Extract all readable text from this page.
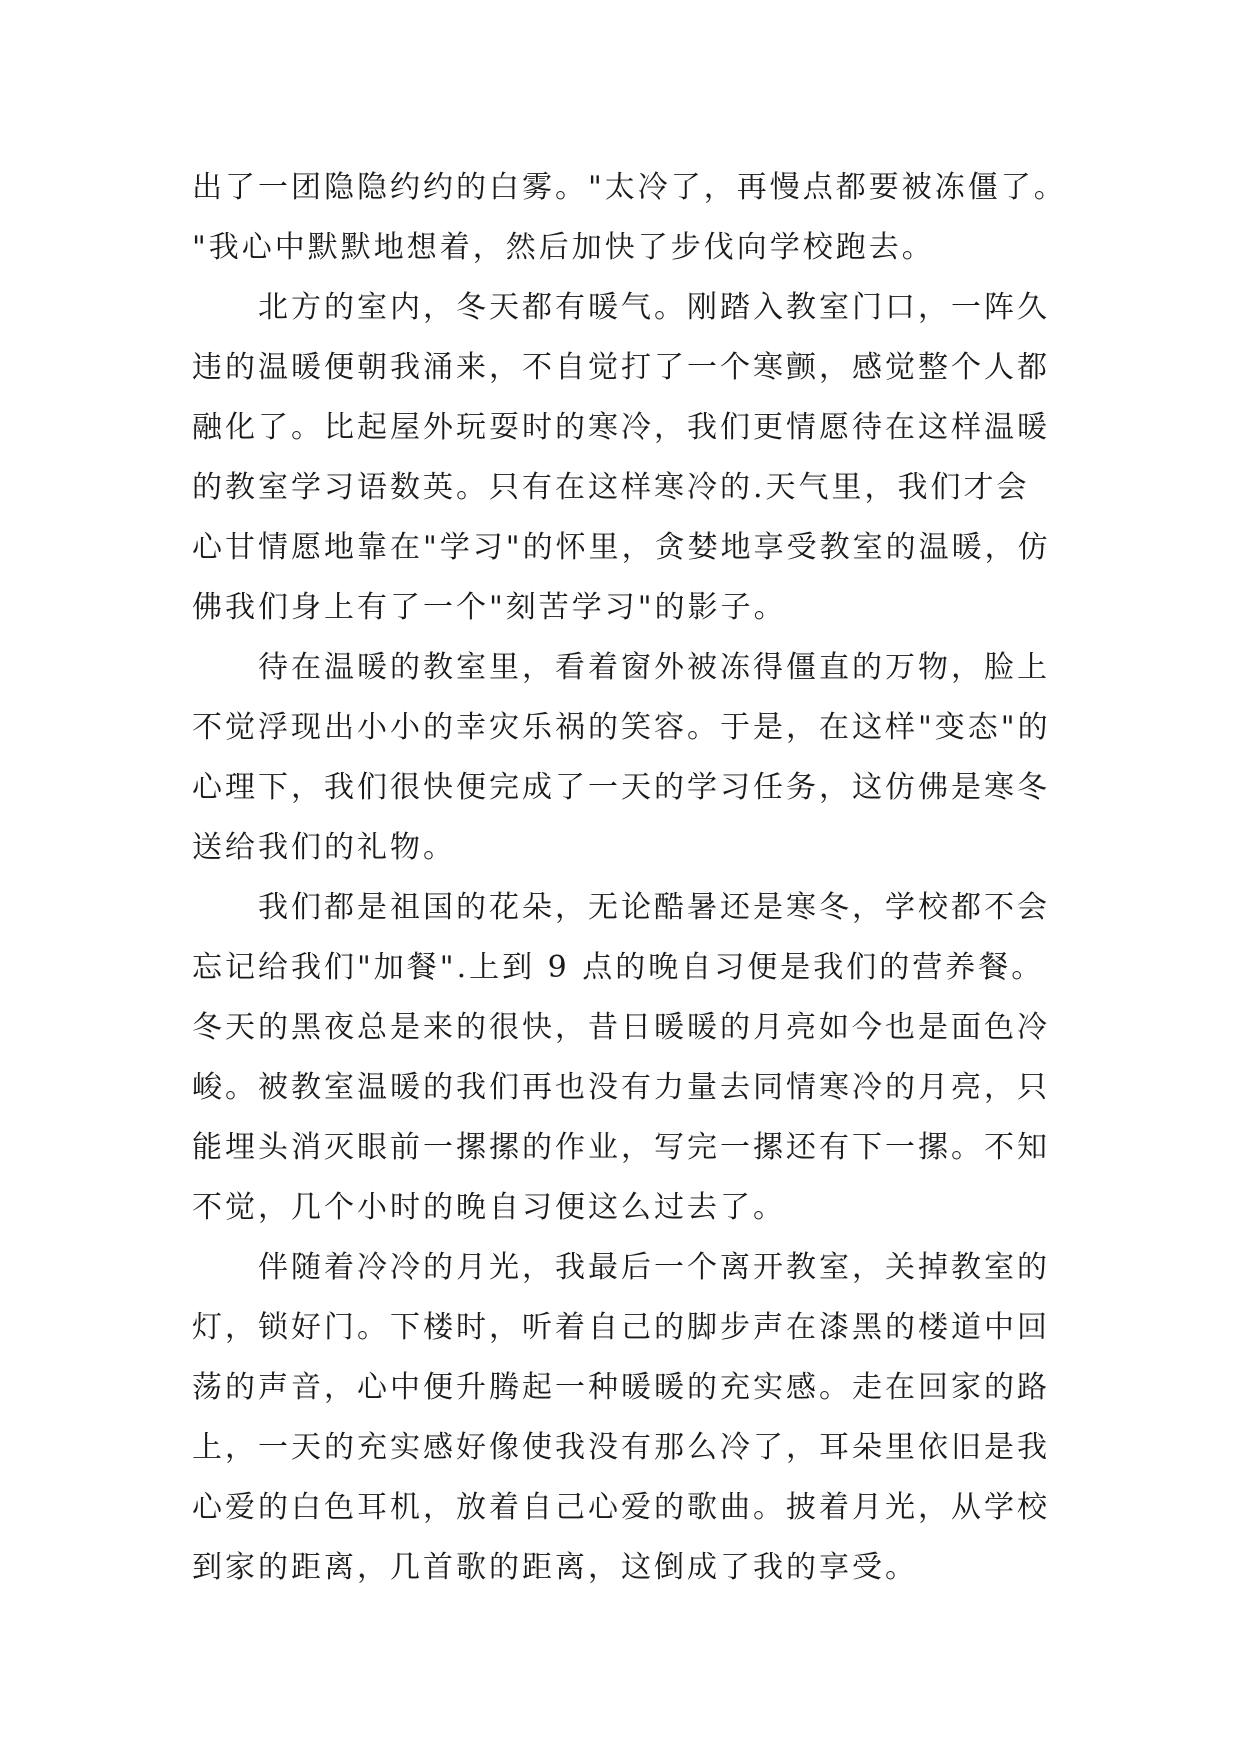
出了一团隐隐约约的白雾。"太冷了，再慢点都要被冻僵了。
"我心中默默地想着，然后加快了步伐向学校跑去。
　　北方的室内，冬天都有暖气。刚踏入教室门口，一阵久
违的温暖便朝我涌来，不自觉打了一个寒颤，感觉整个人都
融化了。比起屋外玩耍时的寒冷，我们更情愿待在这样温暖
的教室学习语数英。只有在这样寒冷的.天气里，我们才会
心甘情愿地靠在"学习"的怀里，贪婪地享受教室的温暖，仿
佛我们身上有了一个"刻苦学习"的影子。
　　待在温暖的教室里，看着窗外被冻得僵直的万物，脸上
不觉浮现出小小的幸灾乐祸的笑容。于是，在这样"变态"的
心理下，我们很快便完成了一天的学习任务，这仿佛是寒冬
送给我们的礼物。
　　我们都是祖国的花朵，无论酷暑还是寒冬，学校都不会
忘记给我们"加餐".上到 9 点的晚自习便是我们的营养餐。
冬天的黑夜总是来的很快，昔日暖暖的月亮如今也是面色冷
峻。被教室温暖的我们再也没有力量去同情寒冷的月亮，只
能埋头消灭眼前一摞摞的作业，写完一摞还有下一摞。不知
不觉，几个小时的晚自习便这么过去了。
　　伴随着冷冷的月光，我最后一个离开教室，关掉教室的
灯，锁好门。下楼时，听着自己的脚步声在漆黑的楼道中回
荡的声音，心中便升腾起一种暖暖的充实感。走在回家的路
上，一天的充实感好像使我没有那么冷了，耳朵里依旧是我
心爱的白色耳机，放着自己心爱的歌曲。披着月光，从学校
到家的距离，几首歌的距离，这倒成了我的享受。
